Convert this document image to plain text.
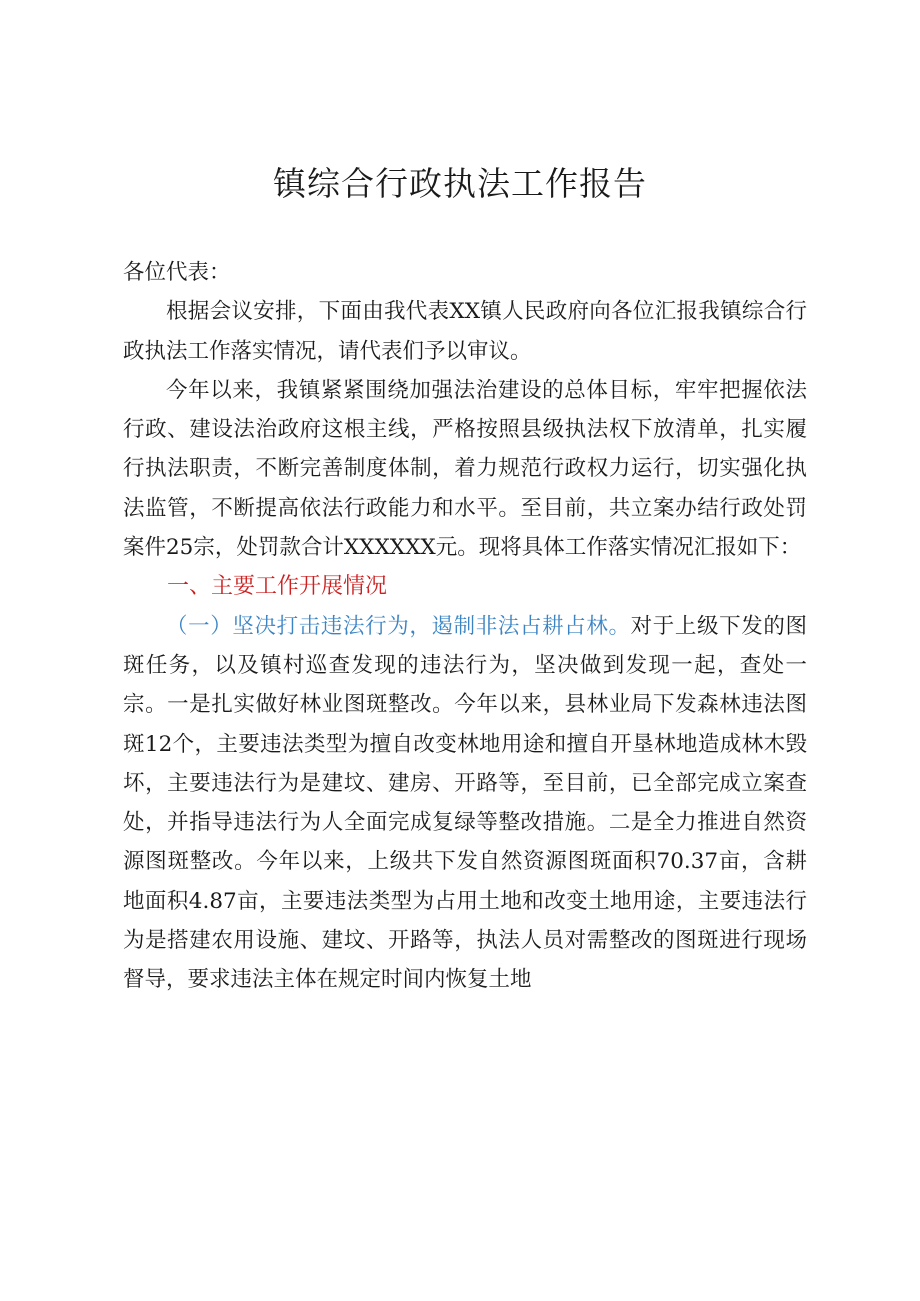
镇综合行政执法工作报告

各位代表：

根据会议安排，下面由我代表XX镇人民政府向各位汇报我镇综合行政执法工作落实情况，请代表们予以审议。

今年以来，我镇紧紧围绕加强法治建设的总体目标，牢牢把握依法行政、建设法治政府这根主线，严格按照县级执法权下放清单，扎实履行执法职责，不断完善制度体制，着力规范行政权力运行，切实强化执法监管，不断提高依法行政能力和水平。至目前，共立案办结行政处罚案件25宗，处罚款合计XXXXXX元。现将具体工作落实情况汇报如下：

一、主要工作开展情况

（一）坚决打击违法行为，遏制非法占耕占林。对于上级下发的图斑任务，以及镇村巡查发现的违法行为，坚决做到发现一起，查处一宗。一是扎实做好林业图斑整改。今年以来，县林业局下发森林违法图斑12个，主要违法类型为擅自改变林地用途和擅自开垦林地造成林木毁坏，主要违法行为是建坟、建房、开路等，至目前，已全部完成立案查处，并指导违法行为人全面完成复绿等整改措施。二是全力推进自然资源图斑整改。今年以来，上级共下发自然资源图斑面积70.37亩，含耕地面积4.87亩，主要违法类型为占用土地和改变土地用途，主要违法行为是搭建农用设施、建坟、开路等，执法人员对需整改的图斑进行现场督导，要求违法主体在规定时间内恢复土地
